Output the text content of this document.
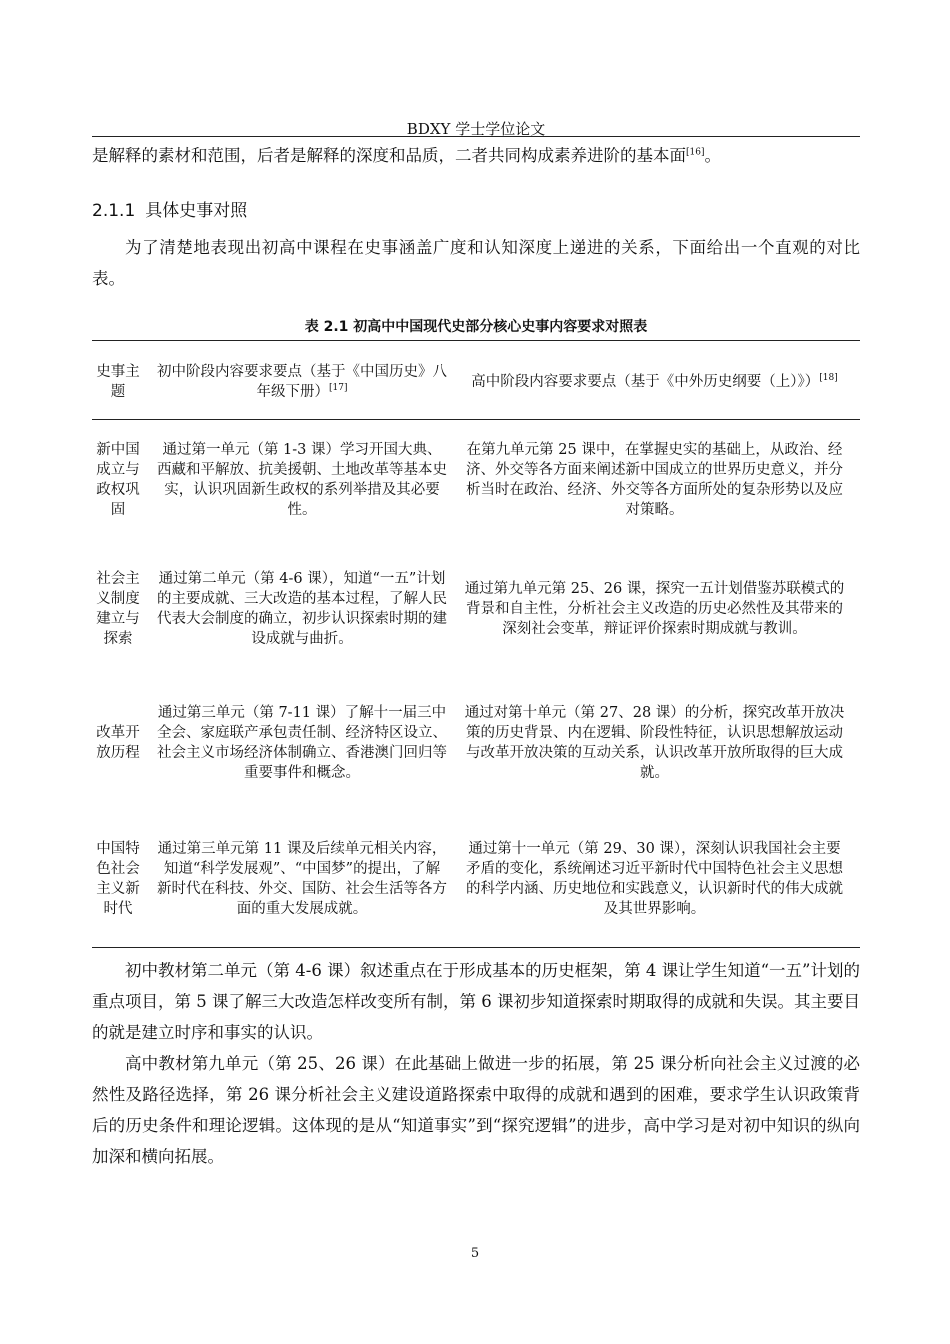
BDXY 学士学位论文
是解释的素材和范围，后者是解释的深度和品质，二者共同构成素养进阶的基本面[16]。
2.1.1 具体史事对照
为了清楚地表现出初高中课程在史事涵盖广度和认知深度上递进的关系，下面给出一个直观的对比表。
表 2.1 初高中中国现代史部分核心史事内容要求对照表
史事主题
初中阶段内容要求要点（基于《中国历史》八年级下册）[17]	高中阶段内容要求要点（基于《中外历史纲要（上）》）[18]
新中国成立与政权巩固
通过第一单元（第 1-3 课）学习开国大典、西藏和平解放、抗美援朝、土地改革等基本史实，认识巩固新生政权的系列举措及其必要性。
在第九单元第 25 课中，在掌握史实的基础上，从政治、经济、外交等各方面来阐述新中国成立的世界历史意义，并分析当时在政治、经济、外交等各方面所处的复杂形势以及应对策略。
社会主义制度建立与探索
通过第二单元（第 4-6 课），知道“一五”计划的主要成就、三大改造的基本过程，了解人民代表大会制度的确立，初步认识探索时期的建设成就与曲折。
通过第九单元第 25、26 课，探究一五计划借鉴苏联模式的背景和自主性，分析社会主义改造的历史必然性及其带来的深刻社会变革，辩证评价探索时期成就与教训。
改革开放历程
通过第三单元（第 7-11 课）了解十一届三中全会、家庭联产承包责任制、经济特区设立、社会主义市场经济体制确立、香港澳门回归等重要事件和概念。
通过对第十单元（第 27、28 课）的分析，探究改革开放决策的历史背景、内在逻辑、阶段性特征，认识思想解放运动与改革开放决策的互动关系，认识改革开放所取得的巨大成就。
中国特色社会主义新时代
通过第三单元第 11 课及后续单元相关内容，知道“科学发展观”、“中国梦”的提出，了解新时代在科技、外交、国防、社会生活等各方面的重大发展成就。
通过第十一单元（第 29、30 课），深刻认识我国社会主要矛盾的变化，系统阐述习近平新时代中国特色社会主义思想的科学内涵、历史地位和实践意义，认识新时代的伟大成就及其世界影响。
初中教材第二单元（第 4-6 课）叙述重点在于形成基本的历史框架，第 4 课让学生知道“一五”计划的重点项目，第 5 课了解三大改造怎样改变所有制，第 6 课初步知道探索时期取得的成就和失误。其主要目的就是建立时序和事实的认识。
高中教材第九单元（第 25、26 课）在此基础上做进一步的拓展，第 25 课分析向社会主义过渡的必然性及路径选择，第 26 课分析社会主义建设道路探索中取得的成就和遇到的困难，要求学生认识政策背后的历史条件和理论逻辑。这体现的是从“知道事实”到“探究逻辑”的进步，高中学习是对初中知识的纵向加深和横向拓展。
5
